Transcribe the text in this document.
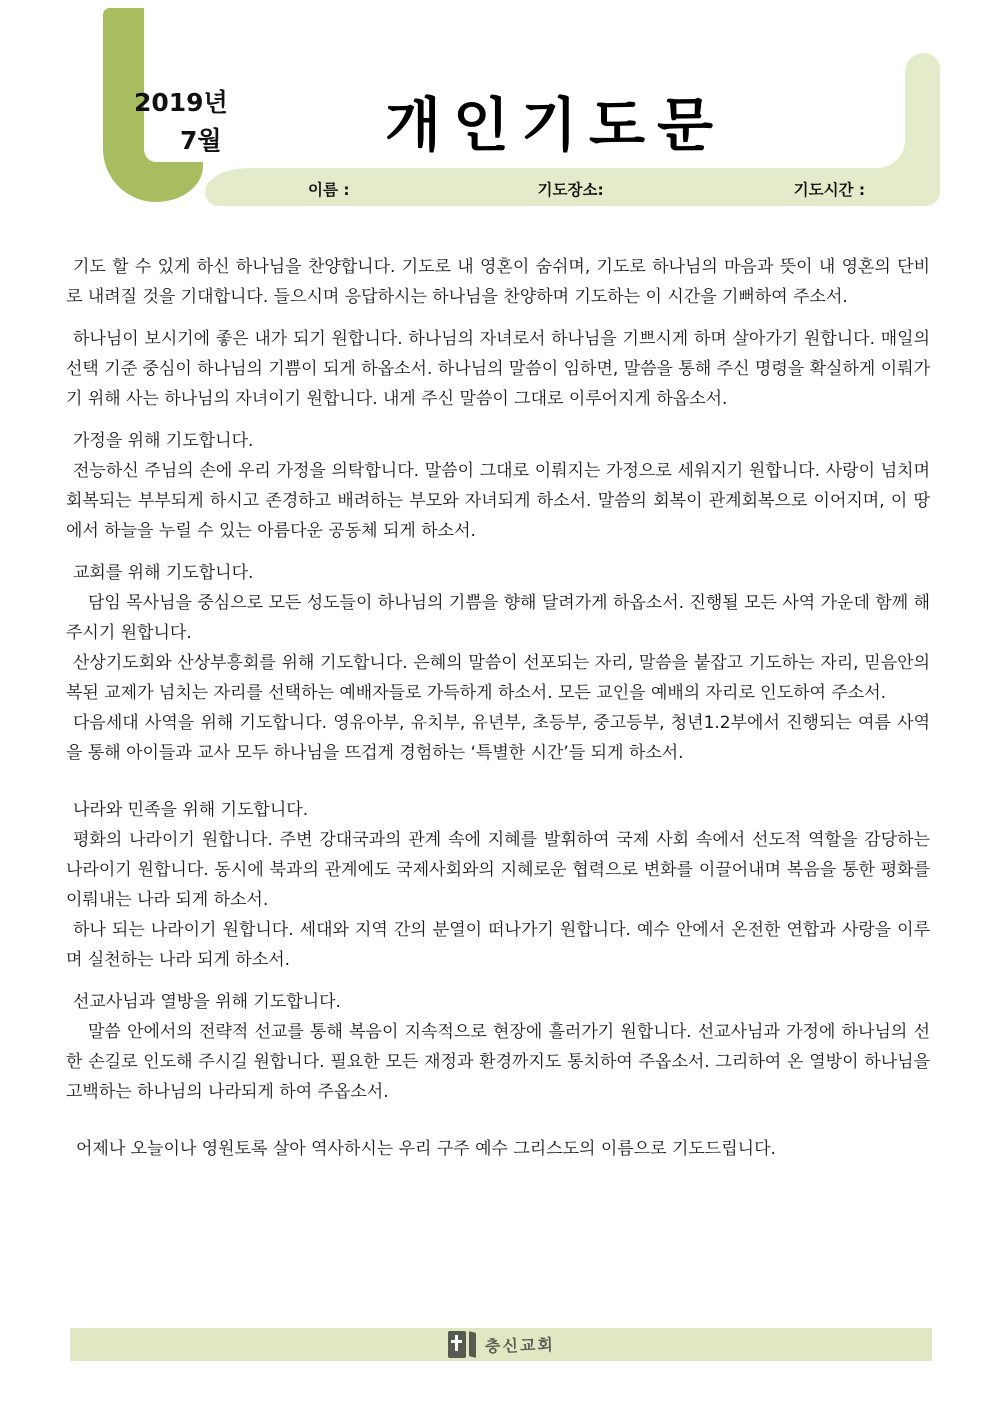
2019년
7월	개인기도문
이름 :	기도장소:	기도시간 :

기도 할 수 있게 하신 하나님을 찬양합니다. 기도로 내 영혼이 숨쉬며, 기도로 하나님의 마음과 뜻이 내 영혼의 단비로 내려질 것을 기대합니다. 들으시며 응답하시는 하나님을 찬양하며 기도하는 이 시간을 기뻐하여 주소서.

하나님이 보시기에 좋은 내가 되기 원합니다. 하나님의 자녀로서 하나님을 기쁘시게 하며 살아가기 원합니다. 매일의 선택 기준 중심이 하나님의 기쁨이 되게 하옵소서. 하나님의 말씀이 임하면, 말씀을 통해 주신 명령을 확실하게 이뤄가기 위해 사는 하나님의 자녀이기 원합니다. 내게 주신 말씀이 그대로 이루어지게 하옵소서.

가정을 위해 기도합니다.

전능하신 주님의 손에 우리 가정을 의탁합니다. 말씀이 그대로 이뤄지는 가정으로 세워지기 원합니다. 사랑이 넘치며 회복되는 부부되게 하시고 존경하고 배려하는 부모와 자녀되게 하소서. 말씀의 회복이 관계회복으로 이어지며, 이 땅에서 하늘을 누릴 수 있는 아름다운 공동체 되게 하소서.

교회를 위해 기도합니다.

담임 목사님을 중심으로 모든 성도들이 하나님의 기쁨을 향해 달려가게 하옵소서. 진행될 모든 사역 가운데 함께 해주시기 원합니다.

산상기도회와 산상부흥회를 위해 기도합니다. 은혜의 말씀이 선포되는 자리, 말씀을 붙잡고 기도하는 자리, 믿음안의 복된 교제가 넘치는 자리를 선택하는 예배자들로 가득하게 하소서. 모든 교인을 예배의 자리로 인도하여 주소서.

다음세대 사역을 위해 기도합니다. 영유아부, 유치부, 유년부, 초등부, 중고등부, 청년1.2부에서 진행되는 여름 사역을 통해 아이들과 교사 모두 하나님을 뜨겁게 경험하는 ‘특별한 시간’들 되게 하소서.

나라와 민족을 위해 기도합니다.

평화의 나라이기 원합니다. 주변 강대국과의 관계 속에 지혜를 발휘하여 국제 사회 속에서 선도적 역할을 감당하는 나라이기 원합니다. 동시에 북과의 관계에도 국제사회와의 지혜로운 협력으로 변화를 이끌어내며 복음을 통한 평화를 이뤄내는 나라 되게 하소서.

하나 되는 나라이기 원합니다. 세대와 지역 간의 분열이 떠나가기 원합니다. 예수 안에서 온전한 연합과 사랑을 이루며 실천하는 나라 되게 하소서.

선교사님과 열방을 위해 기도합니다.

말씀 안에서의 전략적 선교를 통해 복음이 지속적으로 현장에 흘러가기 원합니다. 선교사님과 가정에 하나님의 선한 손길로 인도해 주시길 원합니다. 필요한 모든 재정과 환경까지도 통치하여 주옵소서. 그리하여 온 열방이 하나님을 고백하는 하나님의 나라되게 하여 주옵소서.

어제나 오늘이나 영원토록 살아 역사하시는 우리 구주 예수 그리스도의 이름으로 기도드립니다.

충신교회
